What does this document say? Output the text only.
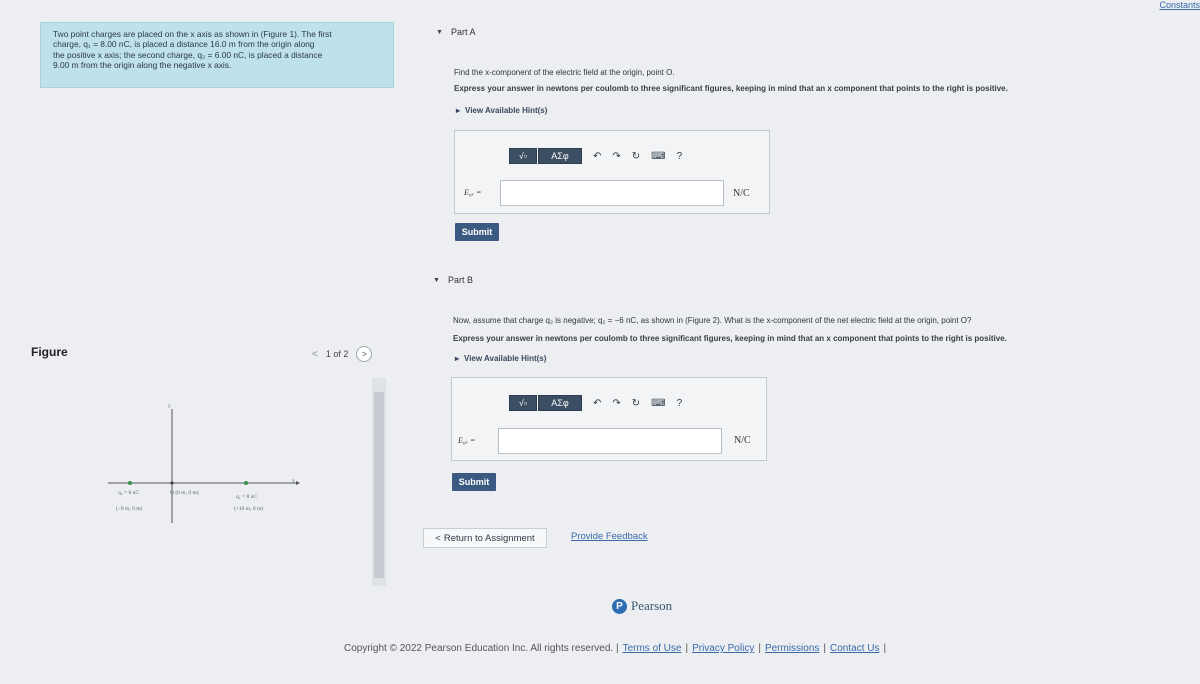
Two point charges are placed on the x axis as shown in (Figure 1). The first
charge, q₁ = 8.00 nC, is placed a distance 16.0 m from the origin along
the positive x axis; the second charge, q₂ = 6.00 nC, is placed a distance
9.00 m from the origin along the negative x axis.
Figure	< 1 of 2	>
y
x
q₂ = 6 nC
(−9 m, 0 m)
O (0 m, 0 m)
q₁ = 8 nC
(+16 m, 0 m)
▼ Part A
Find the x-component of the electric field at the origin, point O.
Express your answer in newtons per coulomb to three significant figures, keeping in mind that an x component that points to the right is positive.
▸ View Available Hint(s)
√▫	ΑΣφ	↶ ↷ ↻ ⌨ ?
E₀ₓ =	N/C
Submit
▼ Part B
Now, assume that charge q₂ is negative; q₂ = −6 nC, as shown in (Figure 2). What is the x-component of the net electric field at the origin, point O?
Express your answer in newtons per coulomb to three significant figures, keeping in mind that an x component that points to the right is positive.
▸ View Available Hint(s)
√▫	ΑΣφ	↶ ↷ ↻ ⌨ ?
E₀ₓ =	N/C
Submit
< Return to Assignment	Provide Feedback
P Pearson
Copyright © 2022 Pearson Education Inc. All rights reserved. | Terms of Use | Privacy Policy | Permissions | Contact Us |
Constants
